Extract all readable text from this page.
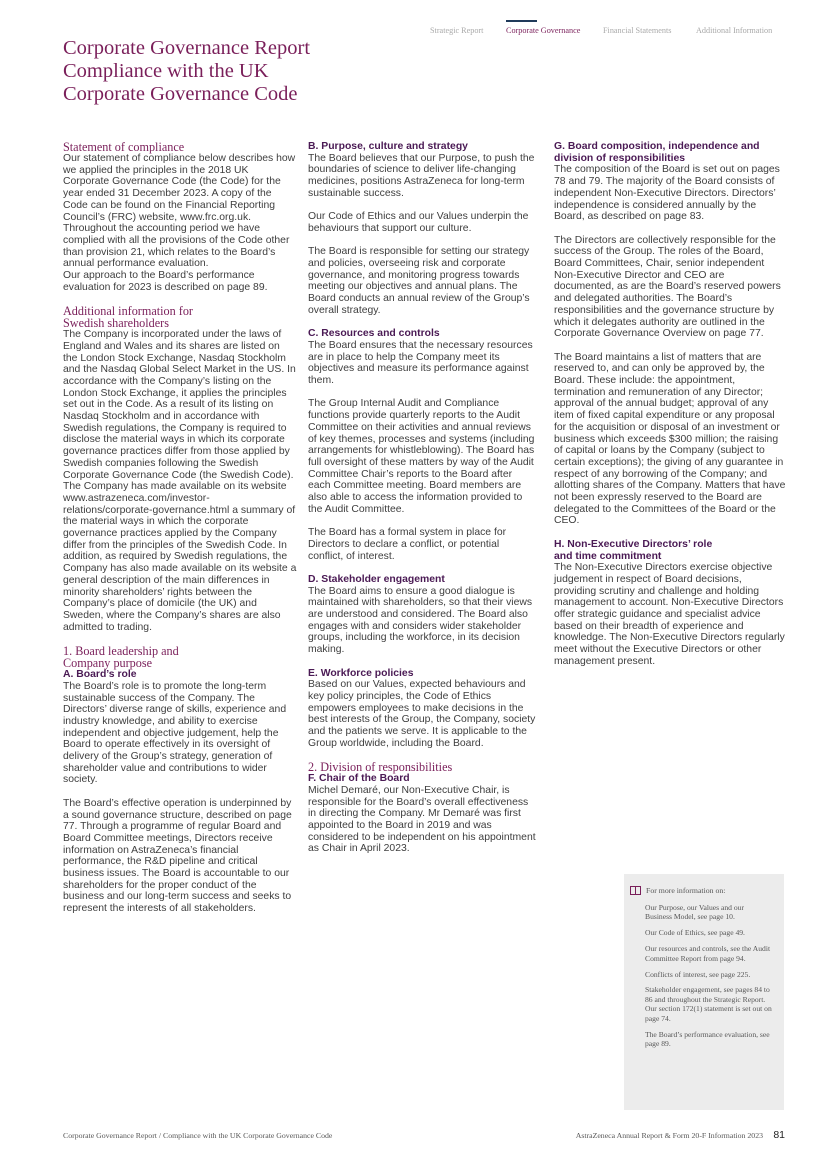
Strategic Report	Corporate Governance	Financial Statements	Additional Information
Corporate Governance Report
Compliance with the UK
Corporate Governance Code
Statement of compliance
Our statement of compliance below describes how we applied the principles in the 2018 UK Corporate Governance Code (the Code) for the year ended 31 December 2023. A copy of the Code can be found on the Financial Reporting Council’s (FRC) website, www.frc.org.uk. Throughout the accounting period we have complied with all the provisions of the Code other than provision 21, which relates to the Board’s annual performance evaluation.
Our approach to the Board’s performance evaluation for 2023 is described on page 89.
Additional information for
Swedish shareholders
The Company is incorporated under the laws of England and Wales and its shares are listed on the London Stock Exchange, Nasdaq Stockholm and the Nasdaq Global Select Market in the US. In accordance with the Company’s listing on the London Stock Exchange, it applies the principles set out in the Code. As a result of its listing on Nasdaq Stockholm and in accordance with Swedish regulations, the Company is required to disclose the material ways in which its corporate governance practices differ from those applied by Swedish companies following the Swedish Corporate Governance Code (the Swedish Code). The Company has made available on its website www.astrazeneca.com/investor-relations/corporate-governance.html a summary of the material ways in which the corporate governance practices applied by the Company differ from the principles of the Swedish Code. In addition, as required by Swedish regulations, the Company has also made available on its website a general description of the main differences in minority shareholders’ rights between the Company’s place of domicile (the UK) and Sweden, where the Company’s shares are also admitted to trading.
1. Board leadership and
Company purpose
A. Board’s role
The Board’s role is to promote the long-term sustainable success of the Company. The Directors’ diverse range of skills, experience and industry knowledge, and ability to exercise independent and objective judgement, help the Board to operate effectively in its oversight of delivery of the Group’s strategy, generation of shareholder value and contributions to wider society.
The Board’s effective operation is underpinned by a sound governance structure, described on page 77. Through a programme of regular Board and Board Committee meetings, Directors receive information on AstraZeneca’s financial performance, the R&D pipeline and critical business issues. The Board is accountable to our shareholders for the proper conduct of the business and our long-term success and seeks to represent the interests of all stakeholders.
B. Purpose, culture and strategy
The Board believes that our Purpose, to push the boundaries of science to deliver life-changing medicines, positions AstraZeneca for long-term sustainable success.
Our Code of Ethics and our Values underpin the behaviours that support our culture.
The Board is responsible for setting our strategy and policies, overseeing risk and corporate governance, and monitoring progress towards meeting our objectives and annual plans. The Board conducts an annual review of the Group’s overall strategy.
C. Resources and controls
The Board ensures that the necessary resources are in place to help the Company meet its objectives and measure its performance against them.
The Group Internal Audit and Compliance functions provide quarterly reports to the Audit Committee on their activities and annual reviews of key themes, processes and systems (including arrangements for whistleblowing). The Board has full oversight of these matters by way of the Audit Committee Chair’s reports to the Board after each Committee meeting. Board members are also able to access the information provided to the Audit Committee.
The Board has a formal system in place for Directors to declare a conflict, or potential conflict, of interest.
D. Stakeholder engagement
The Board aims to ensure a good dialogue is maintained with shareholders, so that their views are understood and considered. The Board also engages with and considers wider stakeholder groups, including the workforce, in its decision making.
E. Workforce policies
Based on our Values, expected behaviours and key policy principles, the Code of Ethics empowers employees to make decisions in the best interests of the Group, the Company, society and the patients we serve. It is applicable to the Group worldwide, including the Board.
2. Division of responsibilities
F. Chair of the Board
Michel Demaré, our Non-Executive Chair, is responsible for the Board’s overall effectiveness in directing the Company. Mr Demaré was first appointed to the Board in 2019 and was considered to be independent on his appointment as Chair in April 2023.
G. Board composition, independence and
division of responsibilities
The composition of the Board is set out on pages 78 and 79. The majority of the Board consists of independent Non-Executive Directors. Directors’ independence is considered annually by the Board, as described on page 83.
The Directors are collectively responsible for the success of the Group. The roles of the Board, Board Committees, Chair, senior independent Non-Executive Director and CEO are documented, as are the Board’s reserved powers and delegated authorities. The Board’s responsibilities and the governance structure by which it delegates authority are outlined in the Corporate Governance Overview on page 77.
The Board maintains a list of matters that are reserved to, and can only be approved by, the Board. These include: the appointment, termination and remuneration of any Director; approval of the annual budget; approval of any item of fixed capital expenditure or any proposal for the acquisition or disposal of an investment or business which exceeds $300 million; the raising of capital or loans by the Company (subject to certain exceptions); the giving of any guarantee in respect of any borrowing of the Company; and allotting shares of the Company. Matters that have not been expressly reserved to the Board are delegated to the Committees of the Board or the CEO.
H. Non-Executive Directors’ role
and time commitment
The Non-Executive Directors exercise objective judgement in respect of Board decisions, providing scrutiny and challenge and holding management to account. Non-Executive Directors offer strategic guidance and specialist advice based on their breadth of experience and knowledge. The Non-Executive Directors regularly meet without the Executive Directors or other management present.
For more information on:
Our Purpose, our Values and our Business Model, see page 10.
Our Code of Ethics, see page 49.
Our resources and controls, see the Audit Committee Report from page 94.
Conflicts of interest, see page 225.
Stakeholder engagement, see pages 84 to 86 and throughout the Strategic Report. Our section 172(1) statement is set out on page 74.
The Board’s performance evaluation, see page 89.
Corporate Governance Report / Compliance with the UK Corporate Governance Code	AstraZeneca Annual Report & Form 20-F Information 2023 81
